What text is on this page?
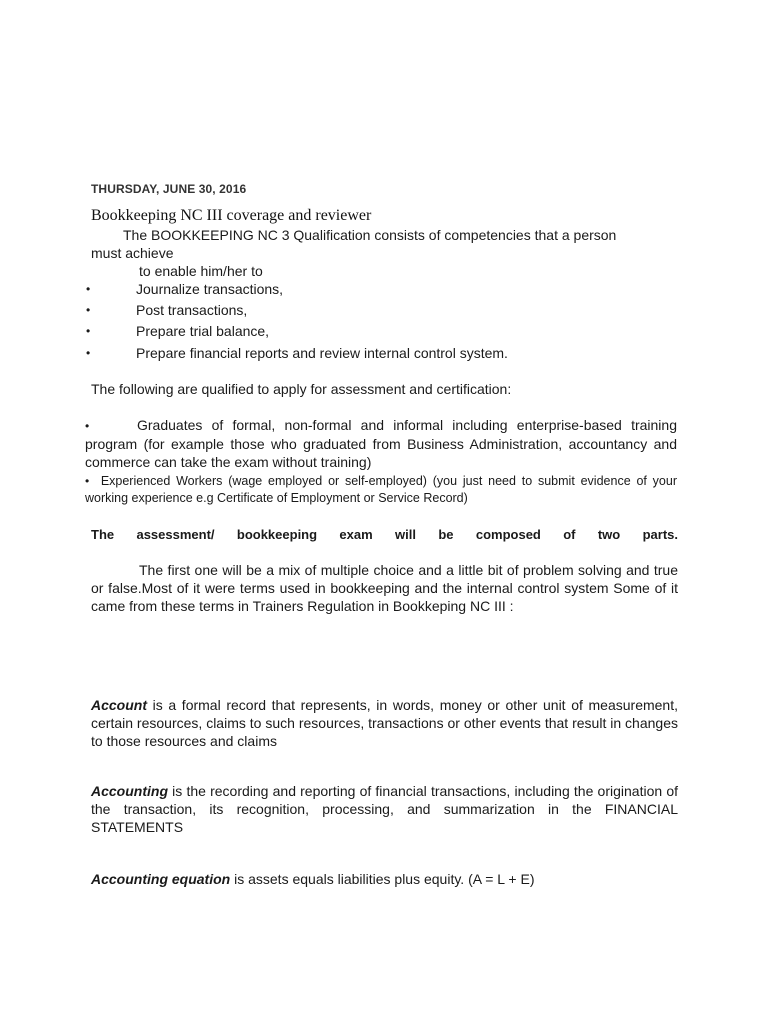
THURSDAY, JUNE 30, 2016
Bookkeeping NC III coverage and reviewer
The BOOKKEEPING NC 3 Qualification consists of competencies that a person
must achieve
to enable him/her to
•	Journalize transactions,
•	Post transactions,
•	Prepare trial balance,
•	Prepare financial reports and review internal control system.
The following are qualified to apply for assessment and certification:
•	Graduates of formal, non-formal and informal including enterprise-based training program (for example those who graduated from Business Administration, accountancy and commerce can take the exam without training)
• Experienced Workers (wage employed or self-employed) (you just need to submit evidence of your working experience e.g Certificate of Employment or Service Record)
The assessment/ bookkeeping exam will be composed of two parts.
The first one will be a mix of multiple choice and a little bit of problem solving and true or false.Most of it were terms used in bookkeeping and the internal control system Some of it came from these terms in Trainers Regulation in Bookkeping NC III :
Account is a formal record that represents, in words, money or other unit of measurement, certain resources, claims to such resources, transactions or other events that result in changes to those resources and claims
Accounting is the recording and reporting of financial transactions, including the origination of the transaction, its recognition, processing, and summarization in the FINANCIAL STATEMENTS
Accounting equation is assets equals liabilities plus equity. (A = L + E)
